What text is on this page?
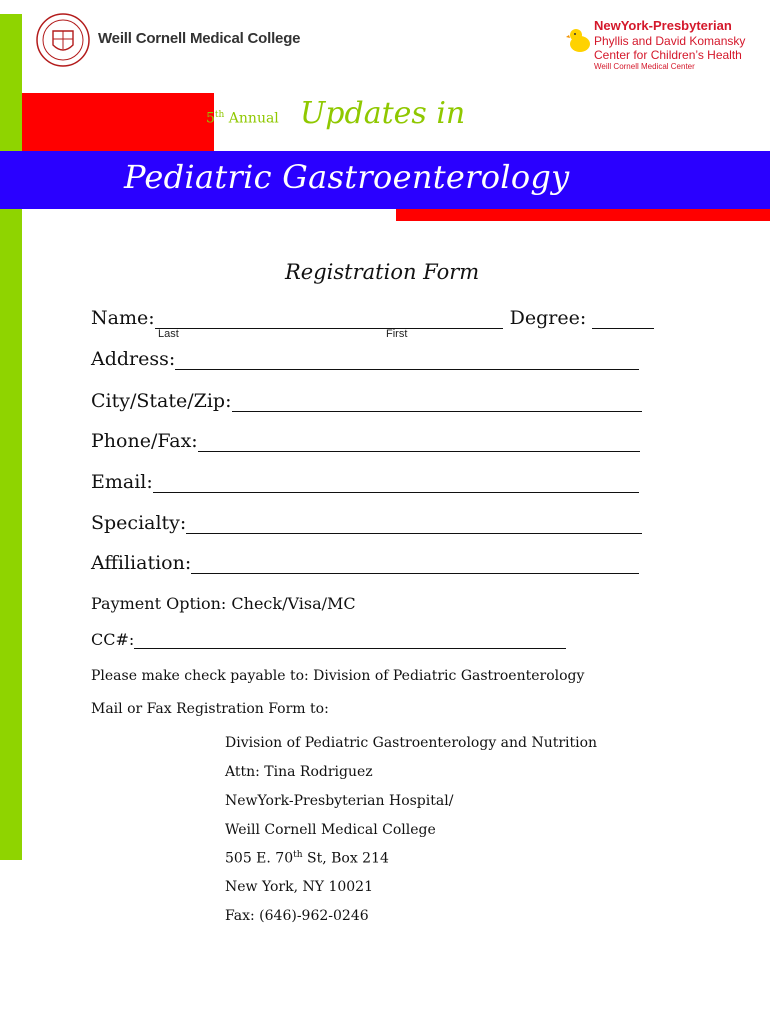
Weill Cornell Medical College
NewYork-Presbyterian
Phyllis and David Komansky
Center for Children’s Health
Weill Cornell Medical Center
5th Annual Updates in
Pediatric Gastroenterology
Registration Form
Name:	Degree:
Last	First
Address:
City/State/Zip:
Phone/Fax:
Email:
Specialty:
Affiliation:
Payment Option: Check/Visa/MC
CC#:
Please make check payable to: Division of Pediatric Gastroenterology
Mail or Fax Registration Form to:
Division of Pediatric Gastroenterology and Nutrition
Attn: Tina Rodriguez
NewYork-Presbyterian Hospital/
Weill Cornell Medical College
505 E. 70th St, Box 214
New York, NY 10021
Fax: (646)-962-0246
